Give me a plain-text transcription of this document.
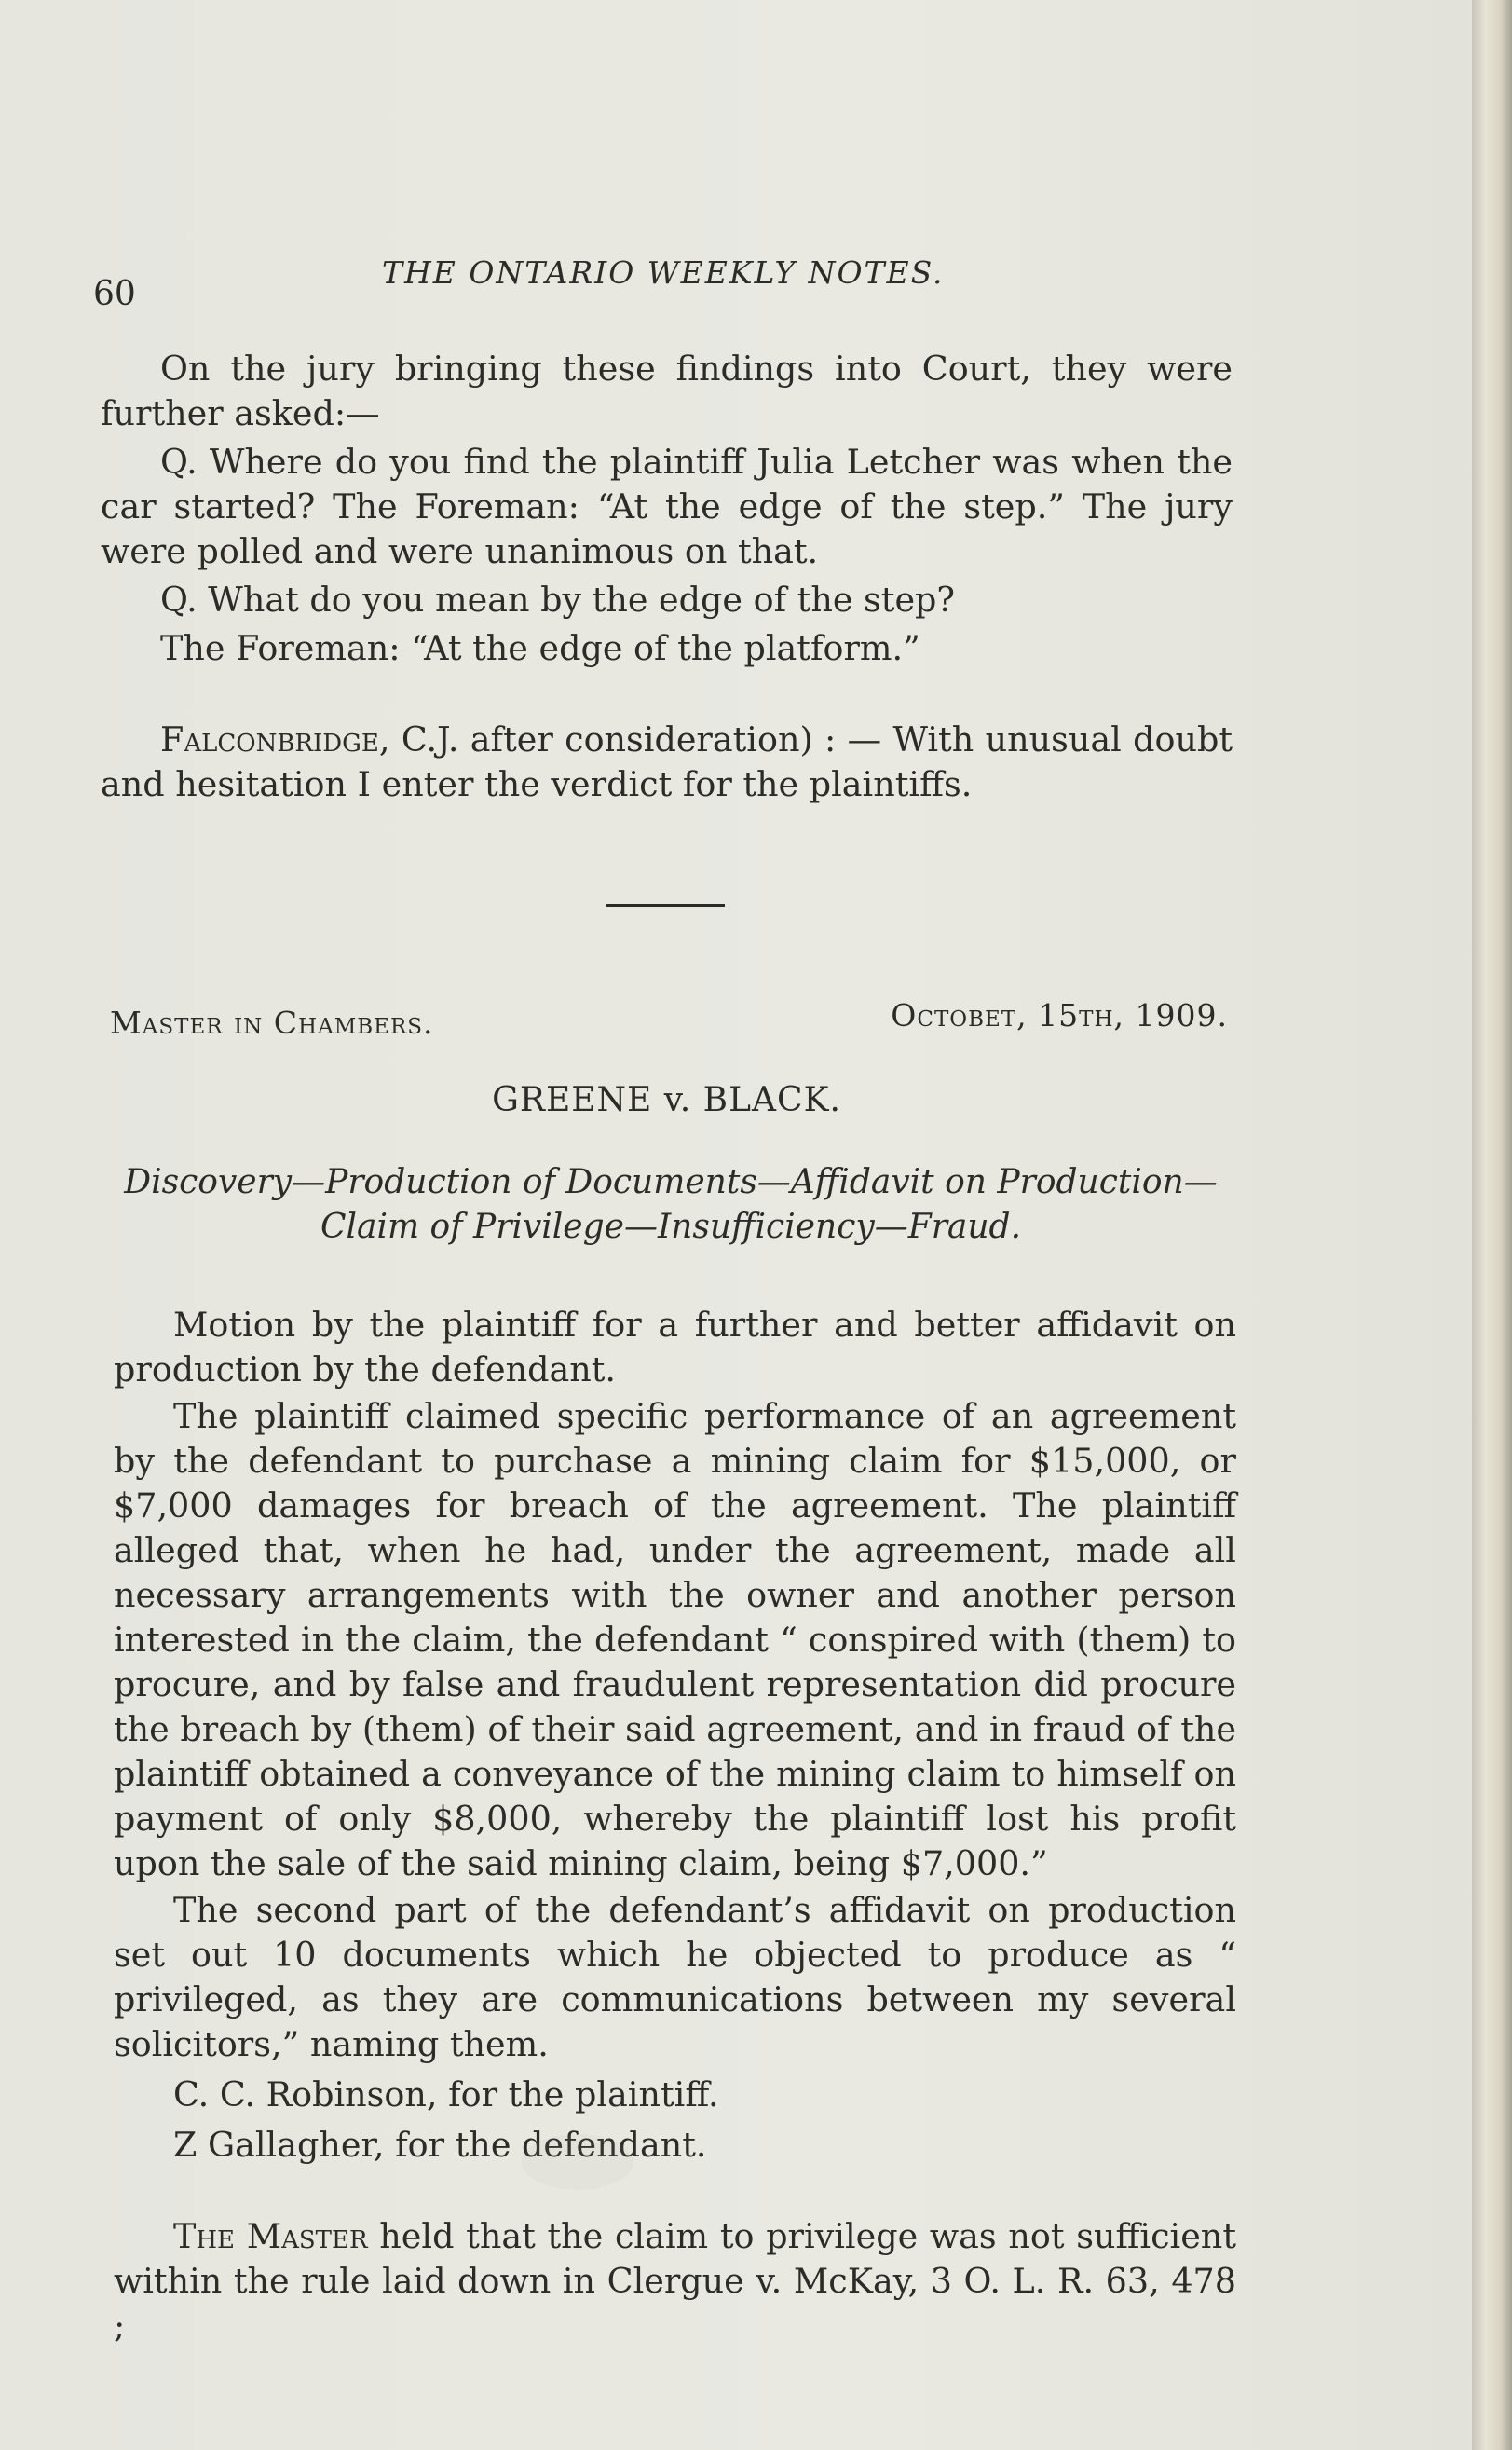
60
THE ONTARIO WEEKLY NOTES.

On the jury bringing these findings into Court, they were further asked:—

Q. Where do you find the plaintiff Julia Letcher was when the car started? The Foreman: “At the edge of the step.” The jury were polled and were unanimous on that.

Q. What do you mean by the edge of the step?

The Foreman: “At the edge of the platform.”

Falconbridge, C.J. after consideration) : — With unusual doubt and hesitation I enter the verdict for the plaintiffs.

Master in Chambers.	Octobet, 15th, 1909.
GREENE v. BLACK.

Discovery—Production of Documents—Affidavit on Production—

Claim of Privilege—Insufficiency—Fraud.

Motion by the plaintiff for a further and better affidavit on production by the defendant.

The plaintiff claimed specific performance of an agreement by the defendant to purchase a mining claim for $15,000, or $7,000 damages for breach of the agreement. The plaintiff alleged that, when he had, under the agreement, made all necessary arrangements with the owner and another person interested in the claim, the defendant “ conspired with (them) to procure, and by false and fraudulent representation did procure the breach by (them) of their said agreement, and in fraud of the plaintiff obtained a conveyance of the mining claim to himself on payment of only $8,000, whereby the plaintiff lost his profit upon the sale of the said mining claim, being $7,000.”

The second part of the defendant’s affidavit on production set out 10 documents which he objected to produce as “ privileged, as they are communications between my several solicitors,” naming them.

C. C. Robinson, for the plaintiff.

Z Gallagher, for the defendant.

The Master held that the claim to privilege was not sufficient within the rule laid down in Clergue v. McKay, 3 O. L. R. 63, 478 ;
